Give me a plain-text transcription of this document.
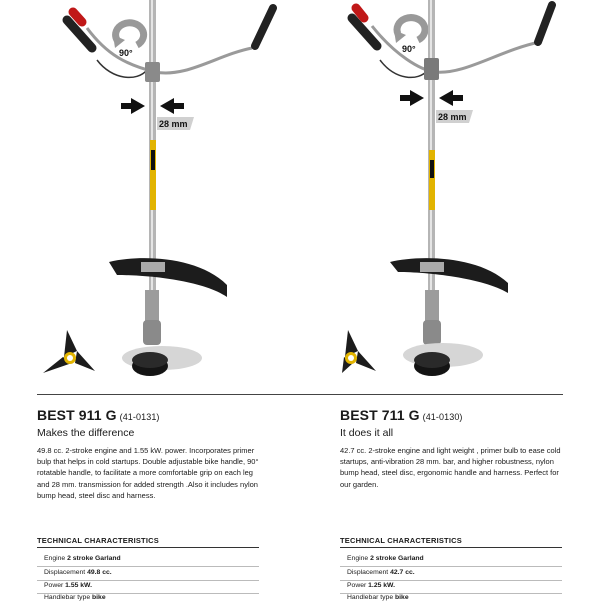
90°
28 mm
BEST 911 G (41-0131)
Makes the difference
49.8 cc. 2-stroke engine and 1.55 kW. power. Incorporates primer bulp that helps in cold startups. Double adjustable bike handle, 90° rotatable handle, to facilitate a more comfortable grip on each leg and 28 mm. transmission for added strength .Also it includes nylon bump head, steel disc and harness.
TECHNICAL CHARACTERISTICS
Engine 2 stroke Garland
Displacement 49.8 cc.
Power 1.55 kW.
Handlebar type bike
90°
28 mm
BEST 711 G (41-0130)
It does it all
42.7 cc. 2-stroke engine and light weight , primer bulb to ease cold startups, anti-vibration 28 mm. bar, and higher robustness, nylon bump head, steel disc, ergonomic handle and harness. Perfect for our garden.
TECHNICAL CHARACTERISTICS
Engine 2 stroke Garland
Displacement 42.7 cc.
Power 1.25 kW.
Handlebar type bike
